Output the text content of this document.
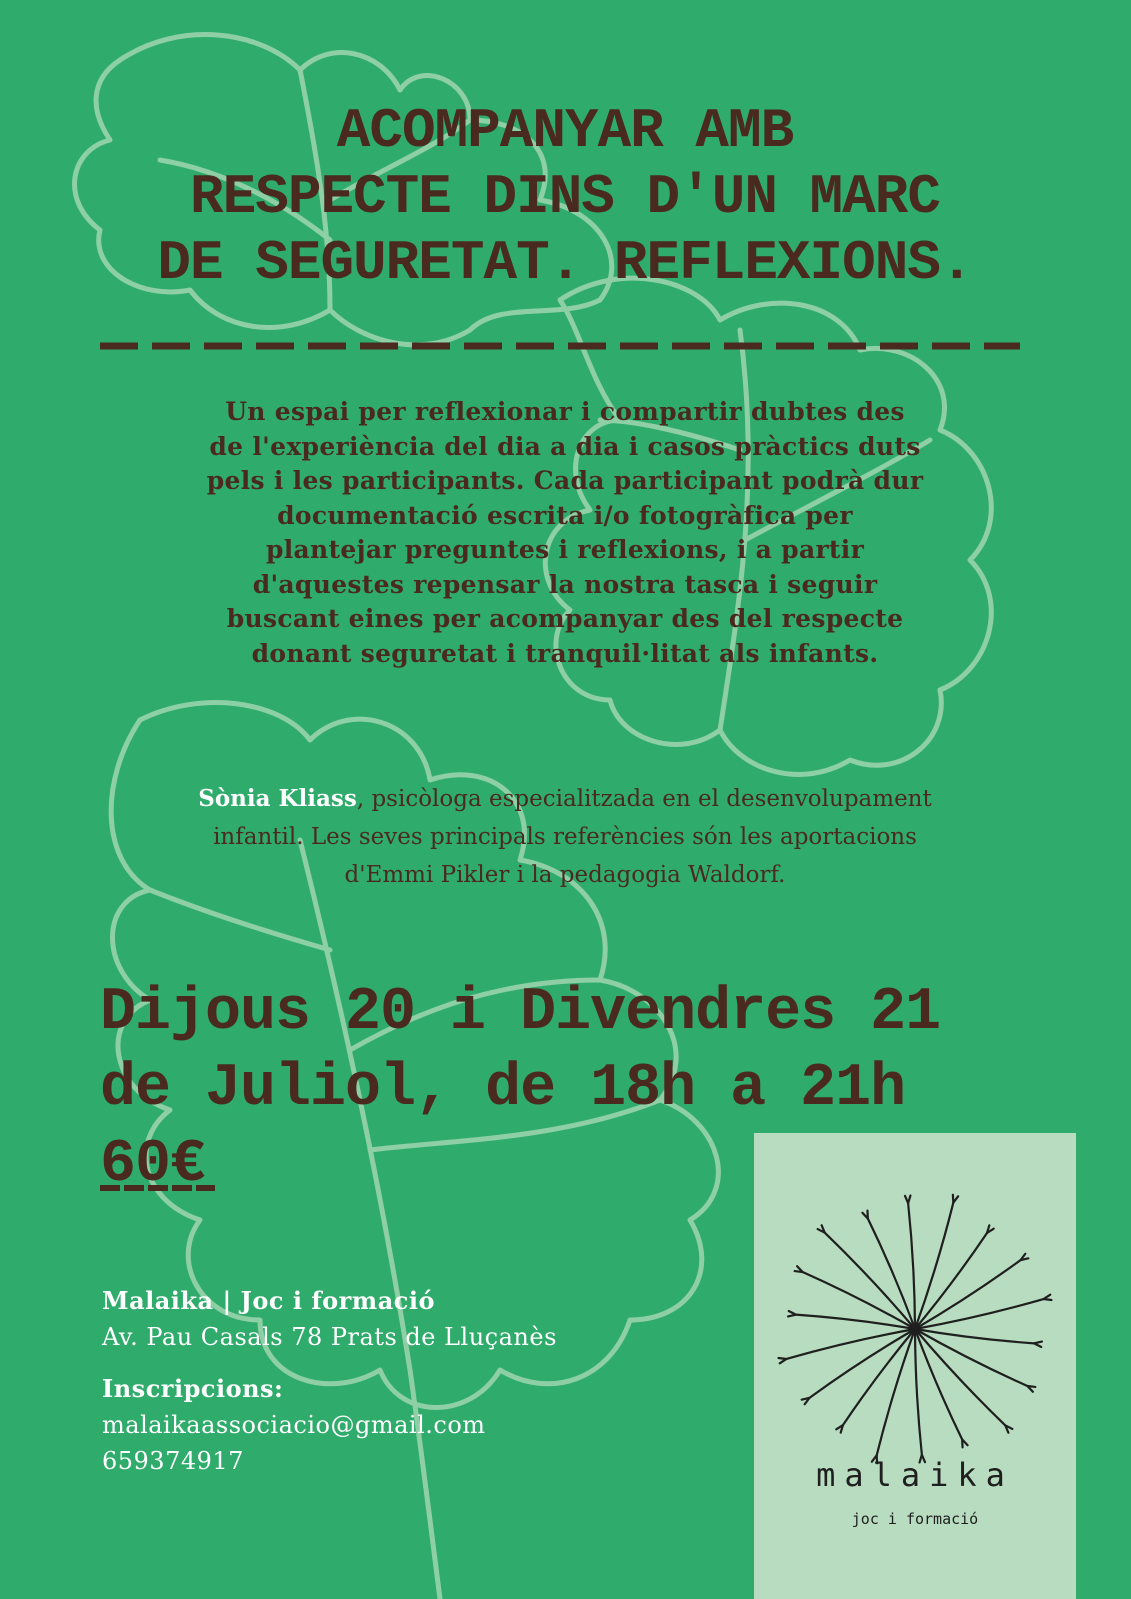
ACOMPANYAR AMB
RESPECTE DINS D'UN MARC
DE SEGURETAT. REFLEXIONS.
Un espai per reflexionar i compartir dubtes des
de l'experiència del dia a dia i casos pràctics duts
pels i les participants. Cada participant podrà dur
documentació escrita i/o fotogràfica per
plantejar preguntes i reflexions, i a partir
d'aquestes repensar la nostra tasca i seguir
buscant eines per acompanyar des del respecte
donant seguretat i tranquil·litat als infants.
Sònia Kliass, psicòloga especialitzada en el desenvolupament
infantil. Les seves principals referències són les aportacions
d'Emmi Pikler i la pedagogia Waldorf.
Dijous 20 i Divendres 21
de Juliol, de 18h a 21h
60€
Malaika | Joc i formació
Av. Pau Casals 78 Prats de Lluçanès
Inscripcions:
malaikaassociacio@gmail.com
659374917	malaika
joc i formació
